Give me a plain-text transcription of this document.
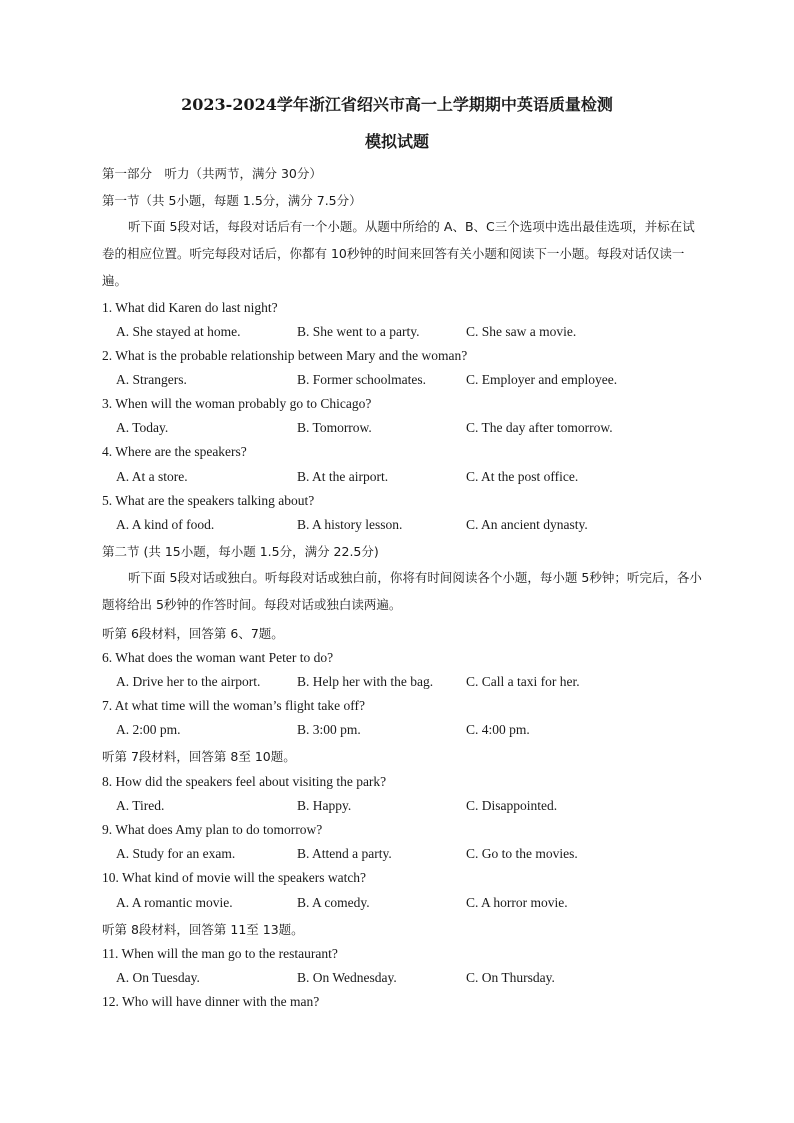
2023-2024学年浙江省绍兴市高一上学期期中英语质量检测
模拟试题
第一部分　听力（共两节，满分 30分）
第一节（共 5小题，每题 1.5分，满分 7.5分）
听下面 5段对话，每段对话后有一个小题。从题中所给的 A、B、C三个选项中选出最佳选项，并标在试卷的相应位置。听完每段对话后，你都有 10秒钟的时间来回答有关小题和阅读下一小题。每段对话仅读一遍。
1. What did Karen do last night?
A. She stayed at home.	B. She went to a party.	C. She saw a movie.
2. What is the probable relationship between Mary and the woman?
A. Strangers.	B. Former schoolmates.	C. Employer and employee.
3. When will the woman probably go to Chicago?
A. Today.	B. Tomorrow.	C. The day after tomorrow.
4. Where are the speakers?
A. At a store.	B. At the airport.	C. At the post office.
5. What are the speakers talking about?
A. A kind of food.	B. A history lesson.	C. An ancient dynasty.
第二节 (共 15小题，每小题 1.5分，满分 22.5分)
听下面 5段对话或独白。听每段对话或独白前，你将有时间阅读各个小题，每小题 5秒钟；听完后，各小题将给出 5秒钟的作答时间。每段对话或独白读两遍。
听第 6段材料，回答第 6、7题。
6. What does the woman want Peter to do?
A. Drive her to the airport.	B. Help her with the bag. C. Call a taxi for her.
7. At what time will the woman’s flight take off?
A. 2:00 pm.	B. 3:00 pm.	C. 4:00 pm.
听第 7段材料，回答第 8至 10题。
8. How did the speakers feel about visiting the park?
A. Tired.	B. Happy.	C. Disappointed.
9. What does Amy plan to do tomorrow?
A. Study for an exam.	B. Attend a party.	C. Go to the movies.
10. What kind of movie will the speakers watch?
A. A romantic movie.	B. A comedy.	C. A horror movie.
听第 8段材料，回答第 11至 13题。
11. When will the man go to the restaurant?
A. On Tuesday.	B. On Wednesday.	C. On Thursday.
12. Who will have dinner with the man?
